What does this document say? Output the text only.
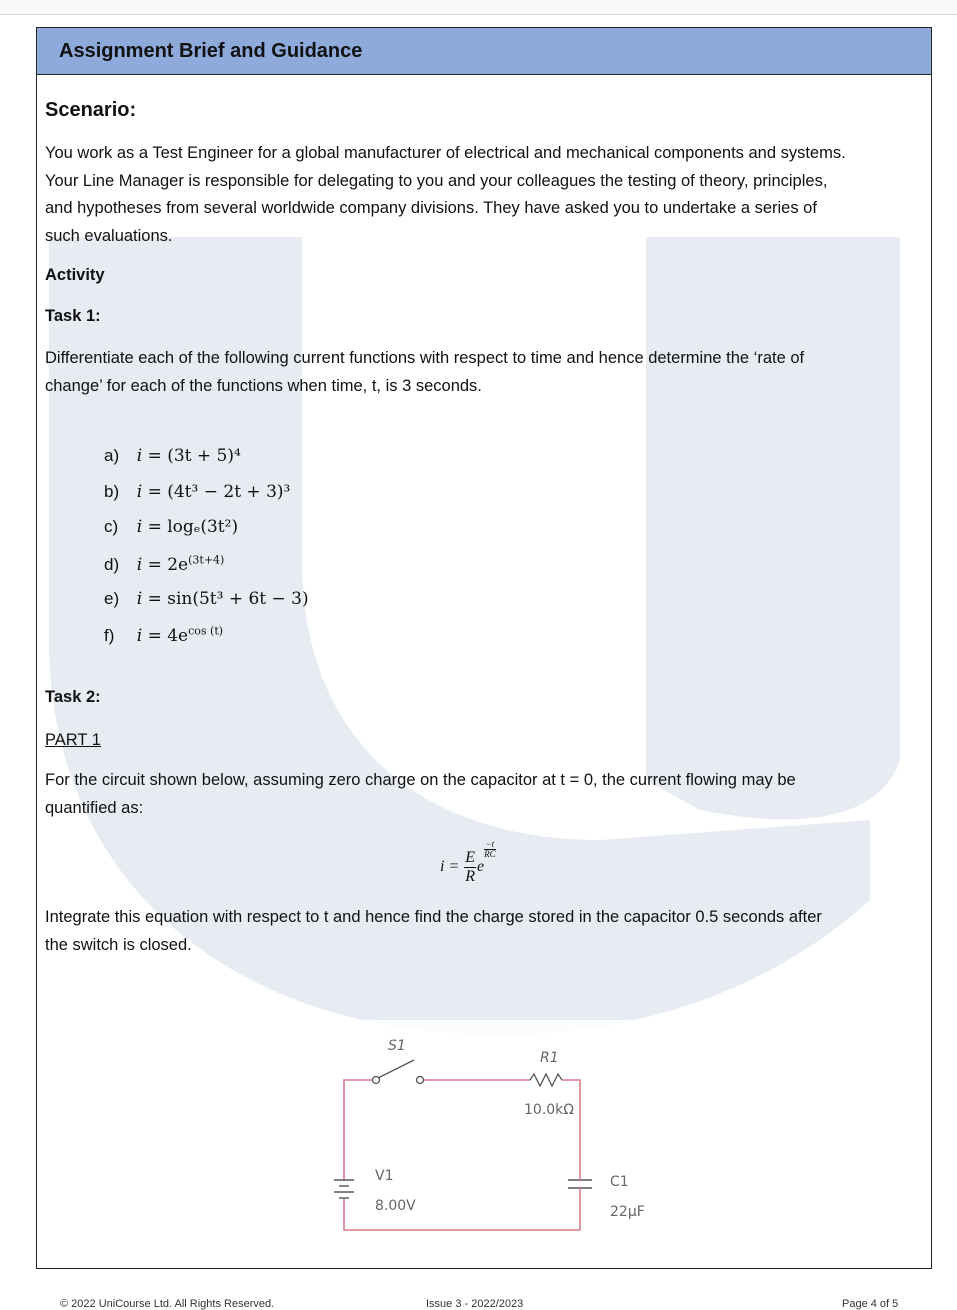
Assignment Brief and Guidance
Scenario:
You work as a Test Engineer for a global manufacturer of electrical and mechanical components and systems.
Your Line Manager is responsible for delegating to you and your colleagues the testing of theory, principles,
and hypotheses from several worldwide company divisions. They have asked you to undertake a series of
such evaluations.
Activity
Task 1:
Differentiate each of the following current functions with respect to time and hence determine the ‘rate of
change’ for each of the functions when time, t, is 3 seconds.
a) i = (3t + 5)⁴
b) i = (4t³ − 2t + 3)³
c) i = logₑ(3t²)
d) $i = 2e^{(3t+4)}$
e) i = sin(5t³ + 6t − 3)
f) $i = 4e^{cos (t)}$
Task 2:
PART 1
For the circuit shown below, assuming zero charge on the capacitor at t = 0, the current flowing may be
quantified as:
Integrate this equation with respect to t and hence find the charge stored in the capacitor 0.5 seconds after
the switch is closed.
$i = \frac{E}{R}$ e
$\frac{-t}{RC}$
S1
R1
10.0kΩ
V1
8.00V
C1
22μF
© 2022 UniCourse Ltd. All Rights Reserved.	Issue 3 - 2022/2023	Page 4 of 5
